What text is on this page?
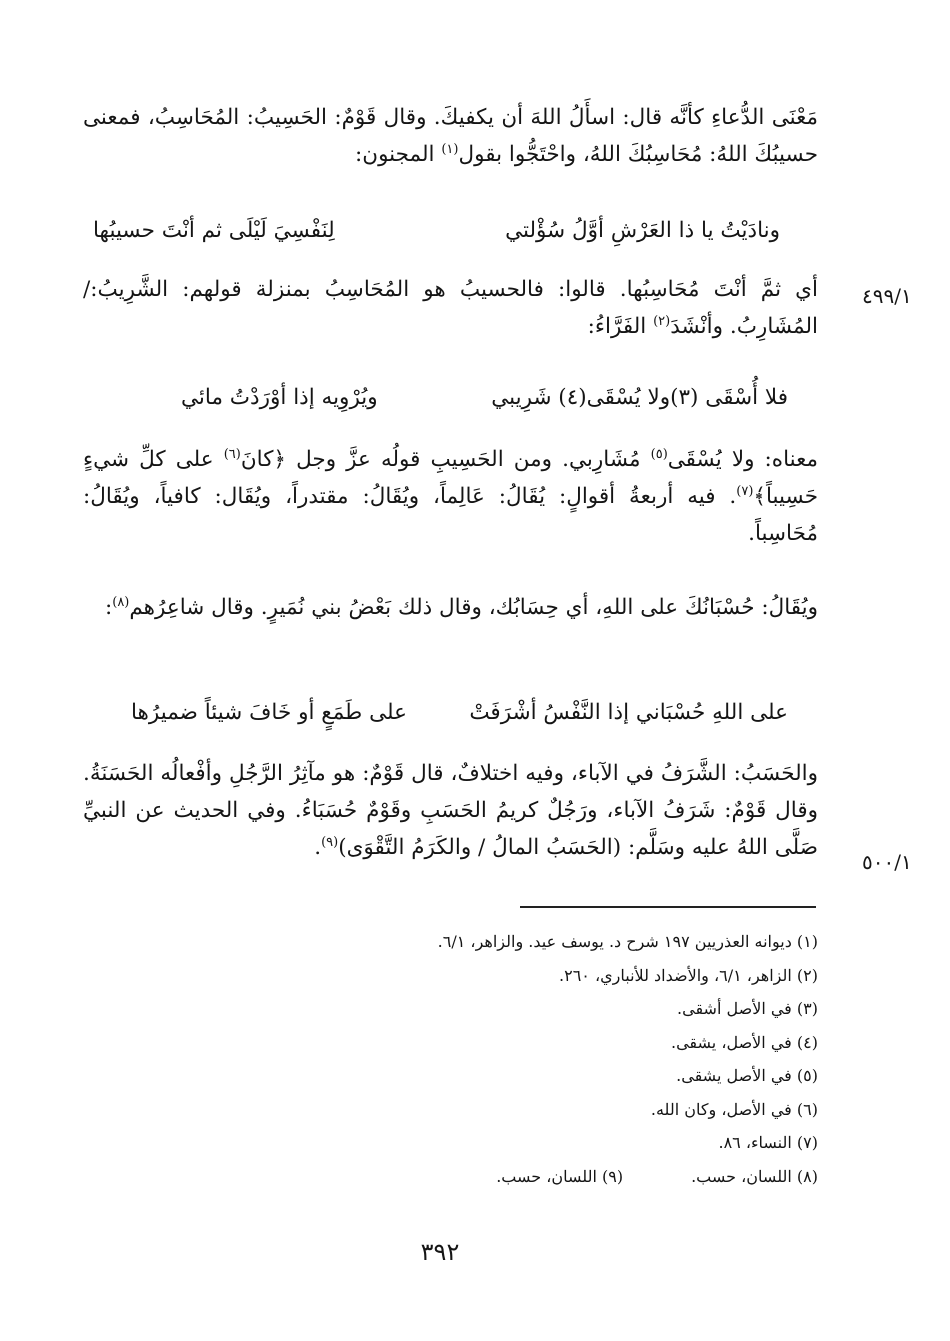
مَعْنَى الدُّعاءِ كأنَّه قال: اسأَلُ اللهَ أن يكفيكَ. وقال قَوْمٌ: الحَسِيبُ: المُحَاسِبُ، فمعنى حسيبُكَ اللهُ: مُحَاسِبُكَ اللهُ، واحْتَجُّوا بقول$^{(١)}$ المجنون:

ونادَيْتُ يا ذا العَرْشِ أوَّلُ سُؤْلتي
لِنَفْسِيَ لَيْلَى ثم أنْتَ حسيبُها
٤٩٩/١

أي ثمَّ أنْتَ مُحَاسِبُها. قالوا: فالحسيبُ هو المُحَاسِبُ بمنزلة قولهم: الشَّرِيبُ:/ المُشَارِبُ. وأنْشَدَ$^{(٢)}$ الفَرَّاءُ:

فلا أُسْقَى (٣)ولا يُسْقَى(٤) شَرِيبي
ويُرْوِيه إذا أوْرَدْتُ مائي

معناه: ولا يُسْقَى$^{(٥)}$ مُشَارِبي. ومن الحَسِيبِ قولُه عزَّ وجل ﴿كانَ$^{(٦)}$ على كلِّ شيءٍ حَسِيباً﴾$^{(٧)}$. فيه أربعةُ أقوالٍ: يُقَالُ: عَالِماً، ويُقَالُ: مقتدراً، ويُقَال: كافياً، ويُقَالُ: مُحَاسِباً.

ويُقَالُ: حُسْبَانُكَ على اللهِ، أي حِسَابُك، وقال ذلك بَعْضُ بني نُمَيرٍ. وقال شاعِرُهم$^{(٨)}$:

على اللهِ حُسْبَاني إذا النَّفْسُ أشْرَفَتْ
على طَمَعٍ أو خَافَ شيئاً ضميرُها

والحَسَبُ: الشَّرَفُ في الآباء، وفيه اختلافٌ، قال قَوْمٌ: هو مآثِرُ الرَّجُلِ وأفْعالُه الحَسَنَةُ. وقال قَوْمٌ: شَرَفُ الآباء، ورَجُلٌ كريمُ الحَسَبِ وقَوْمٌ حُسَبَاءُ. وفي الحديث عن النبيِّ صَلَّى اللهُ عليه وسَلَّم: (الحَسَبُ المالُ / والكَرَمُ التَّقْوَى)$^{(٩)}$.

٥٠٠/١
(١) ديوانه العذريين ١٩٧ شرح د. يوسف عيد. والزاهر، ٦/١.
(٢) الزاهر، ٦/١، والأضداد للأنباري، ٢٦٠.
(٣) في الأصل أشقى.
(٤) في الأصل، يشقى.
(٥) في الأصل يشقى.
(٦) في الأصل، وكان الله.
(٧) النساء، ٨٦.
(٨) اللسان، حسب.(٩) اللسان، حسب.
٣٩٢
